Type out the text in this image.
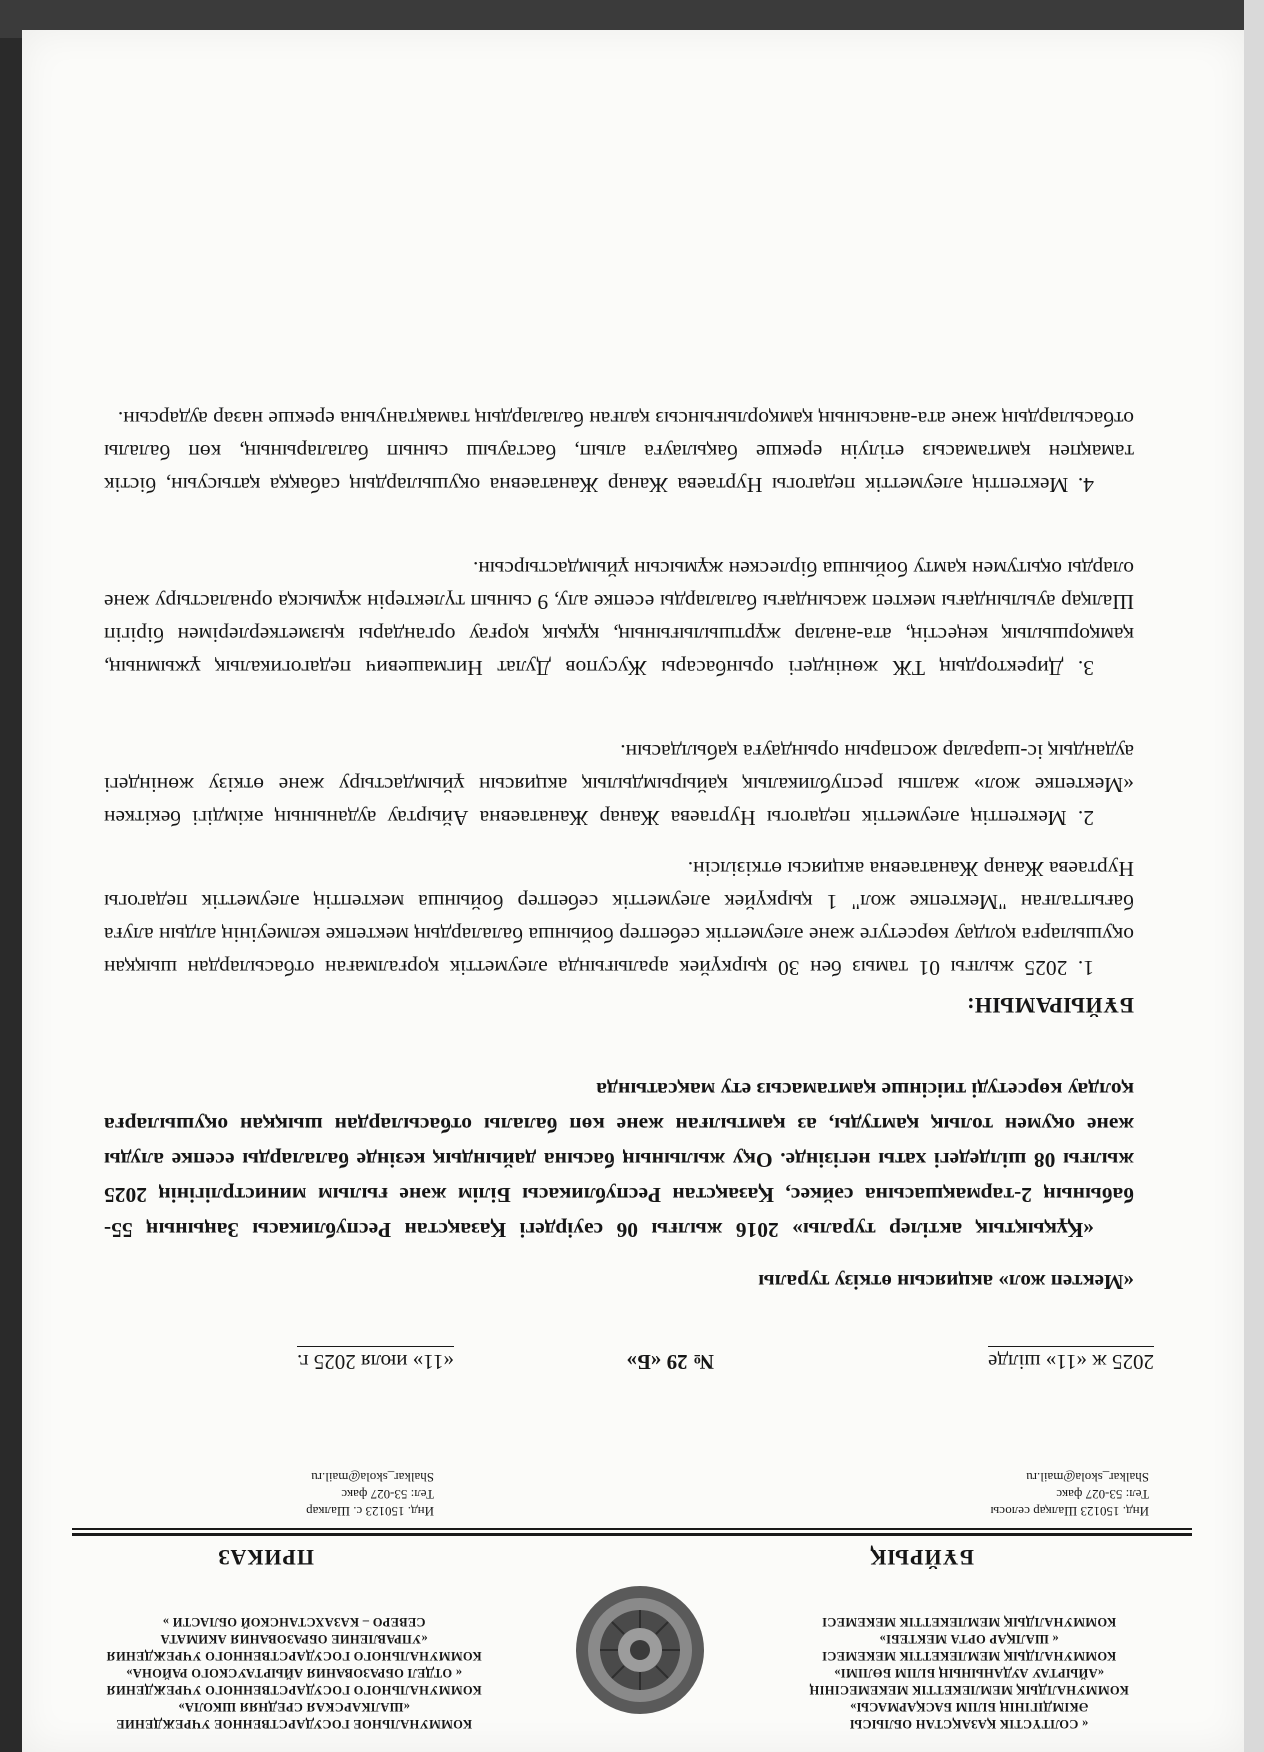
« СОЛТҮСТІК ҚАЗАҚСТАН ОБЛЫСЫ
ӘКІМДІГІНІҢ БІЛІМ БАСҚАРМАСЫ»
КОММУНАЛДЫҚ МЕМЛЕКЕТТІК МЕКЕМЕСІНІҢ
«АЙЫРТАУ АУДАНЫНЫҢ БІЛІМ БӨЛІМІ»
КОММУНАЛДЫҚ МЕМЛЕКЕТТІК МЕКЕМЕСІ
« ШАЛҚАР ОРТА МЕКТЕБІ»
КОММУНАЛДЫҚ МЕМЛЕКЕТТІК МЕКЕМЕСІ
КОММУНАЛЬНОЕ ГОСУДАРСТВЕННОЕ УЧРЕЖДЕНИЕ
«ШАЛКАРСКАЯ СРЕДНЯЯ ШКОЛА»
КОММУНАЛЬНОГО ГОСУДАРСТВЕННОГО УЧРЕЖДЕНИЯ
« ОТДЕЛ ОБРАЗОВАНИЯ АЙЫРТАУСКОГО РАЙОНА»
КОММУНАЛЬНОГО ГОСУДАРСТВЕННОГО УЧРЕЖДЕНИЯ
«УПРАВЛЕНИЕ ОБРАЗОВАНИЯ АКИМАТА
СЕВЕРО – КАЗАХСТАНСКОЙ ОБЛАСТИ »
БҰЙРЫҚ
ПРИКАЗ
Инд. 150123 Шалқар селосы
Тел: 53-027 факс
Shalkar_skola@mail.ru
Инд. 150123 с. Шалкар
Тел: 53-027 факс
Shalkar_skola@mail.ru
2025 ж «11» шілде
№ 29 «Б»
«11» июля 2025 г.
«Мектеп жол» акциясын өткізу туралы
«Құқықтық актілер туралы» 2016 жылғы 06 сәуірдегі Қазақстан Республикасы Заңының 55-бабының 2-тармақшасына сәйкес, Қазақстан Республикасы Білім және ғылым министрлігінің 2025 жылғы 08 шілдедегі хаты негізінде. Оқу жылының басына дайындық кезінде балаларды есепке алуды және оқумен толық қамтуды, аз қамтылған және көп балалы отбасылардан шыққан оқушыларға қолдау көрсетуді тиісінше қамтамасыз ету мақсатында
БҰЙЫРАМЫН:
1. 2025 жылғы 01 тамыз бен 30 қыркүйек аралығында әлеуметтік қорғалмаған отбасылардан шыққан оқушыларға қолдау көрсетуге және әлеуметтік себептер бойынша балалардың мектепке келмеуінің алдын алуға бағытталған "Мектепке жол" 1 қыркүйек әлеуметтік себептер бойынша мектептің әлеуметтік педагогы Нуртаева Жанар Жанатаевна акциясы өткізілсін.
2. Мектептің әлеуметтік педагогы Нуртаева Жанар Жанатаевна Айыртау ауданының әкімдігі бекіткен «Мектепке жол» жалпы республикалық қайырымдылық акциясын ұйымдастыру және өткізу жөніндегі аудандық іс-шаралар жоспарын орындауға қабылдасын.
3. Директордың ТЖ жөніндегі орынбасары Жусупов Дулат Нигмашевич педагогикалық ұжымның, қамқоршылық кеңестің, ата-аналар жұртшылығының, құқық қорғау органдары қызметкерлерімен бірігіп Шалқар ауылындағы мектеп жасындағы балаларды есепке алу, 9 сынып түлектерін жұмысқа орналастыру және оларды оқытумен қамту бойынша бірлескен жұмысын ұйымдастырсын.
4. Мектептің әлеуметтік педагогы Нуртаева Жанар Жанатаевна оқушылардың сабаққа қатысуын, бістік тамақпен қамтамасыз етілуін ерекше бақылауға алып, бастауыш сынып балаларының, көп балалы отбасылардың және ата-анасының қамқорлығынсыз қалған балалардың тамақтануына ерекше назар аударсын.
